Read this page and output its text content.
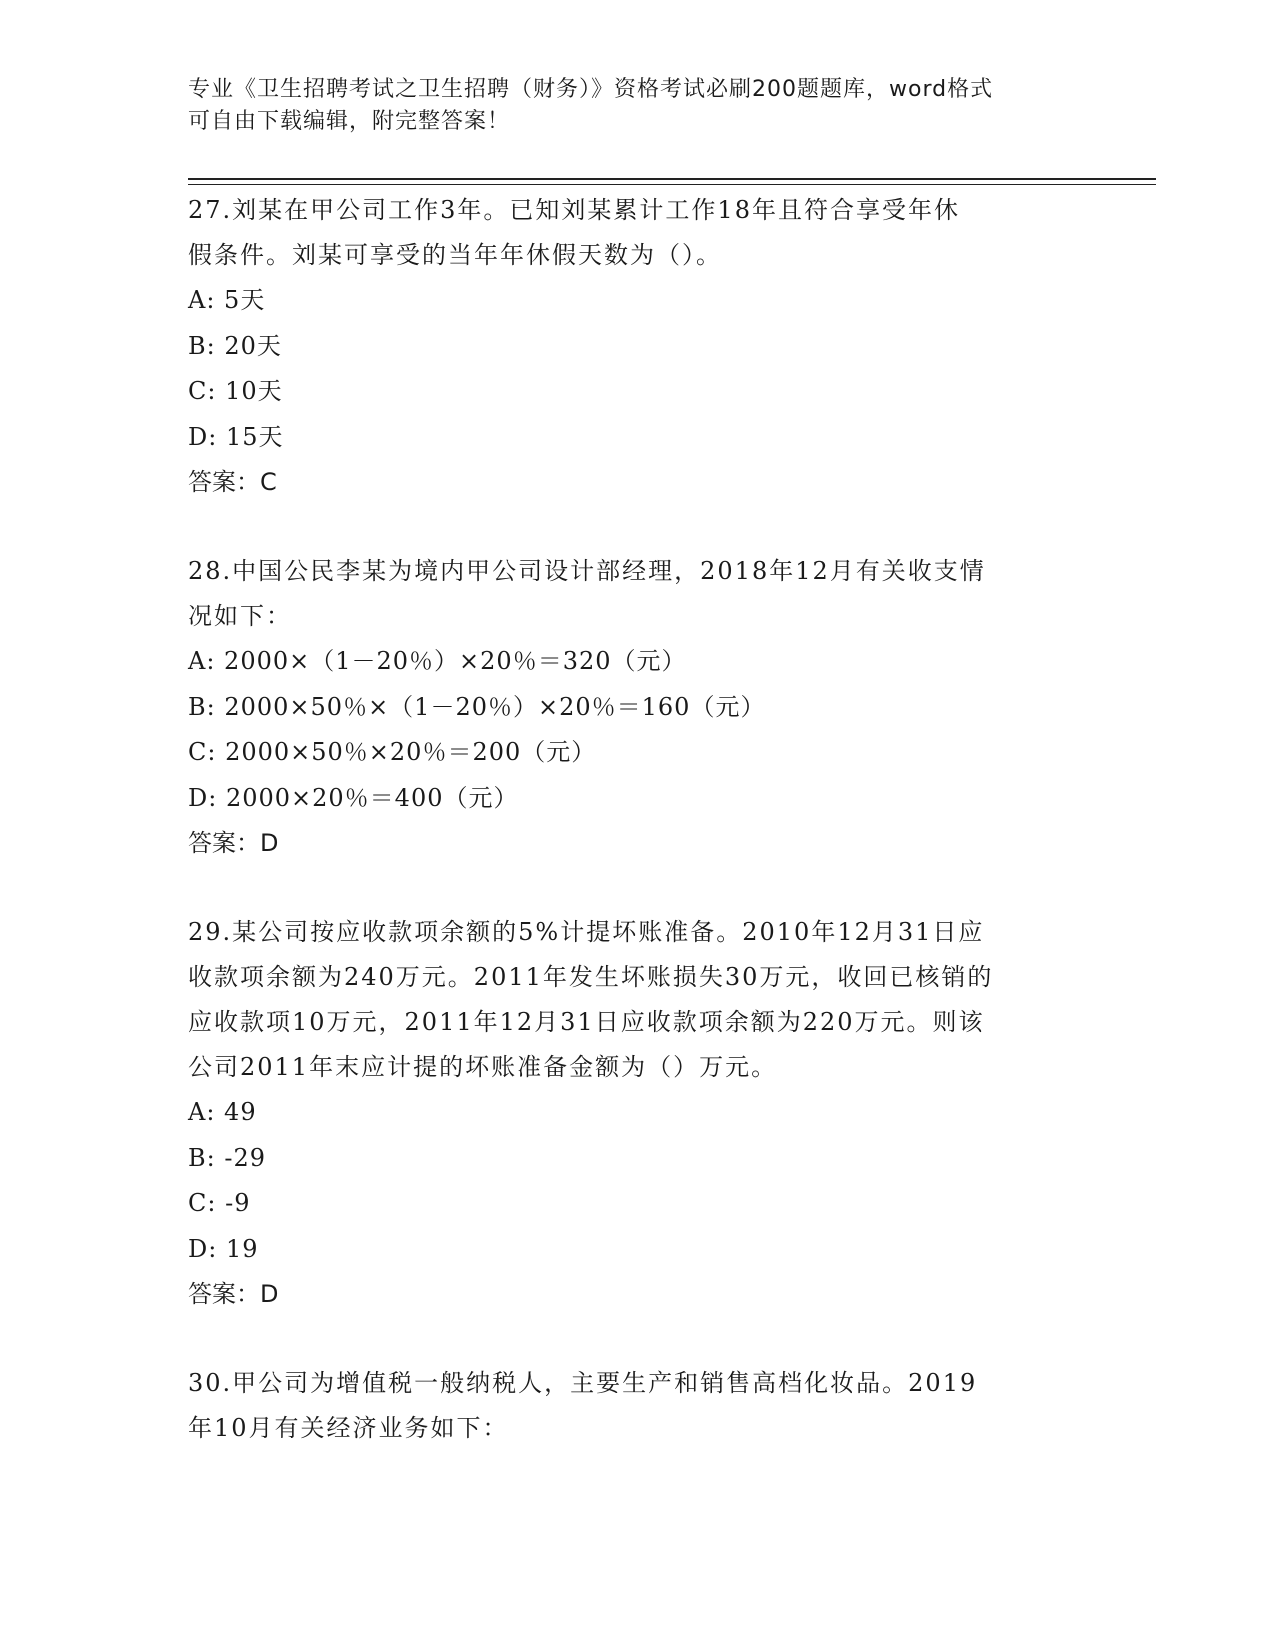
专业《卫生招聘考试之卫生招聘（财务）》资格考试必刷200题题库，word格式
可自由下载编辑，附完整答案！
27.刘某在甲公司工作3年。已知刘某累计工作18年且符合享受年休
假条件。刘某可享受的当年年休假天数为（）。
A: 5天
B: 20天
C: 10天
D: 15天
答案：C
28.中国公民李某为境内甲公司设计部经理，2018年12月有关收支情
况如下：
A: 2000×（1－20％）×20％＝320（元）
B: 2000×50％×（1－20％）×20％＝160（元）
C: 2000×50％×20％＝200（元）
D: 2000×20％＝400（元）
答案：D
29.某公司按应收款项余额的5%计提坏账准备。2010年12月31日应
收款项余额为240万元。2011年发生坏账损失30万元，收回已核销的
应收款项10万元，2011年12月31日应收款项余额为220万元。则该
公司2011年末应计提的坏账准备金额为（）万元。
A: 49
B: -29
C: -9
D: 19
答案：D
30.甲公司为增值税一般纳税人，主要生产和销售高档化妆品。2019
年10月有关经济业务如下：
